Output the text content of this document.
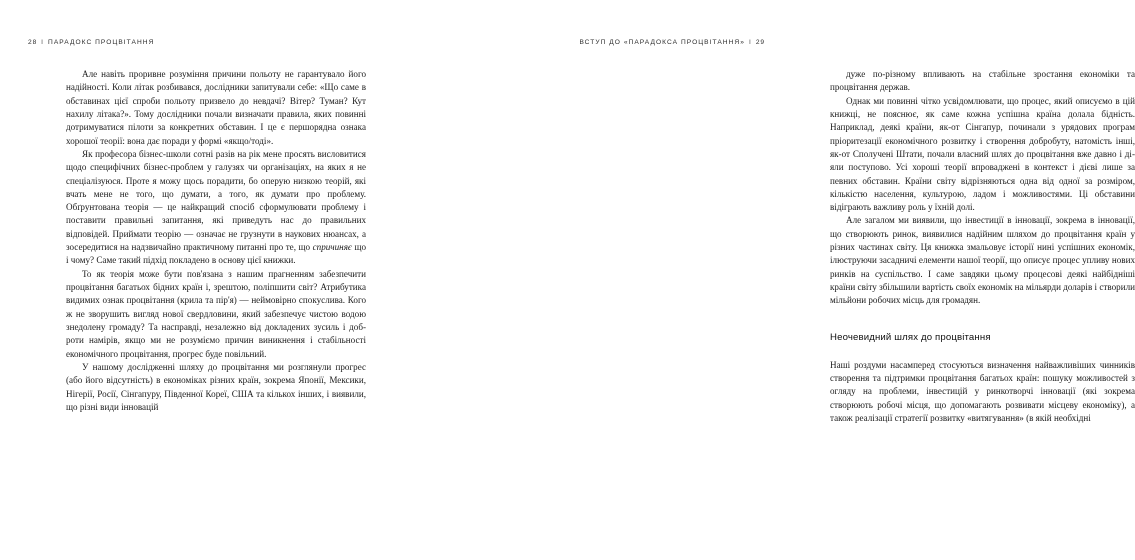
28 I ПАРАДОКС ПРОЦВІТАННЯ

Але навіть проривне розуміння причини польоту не гарантувало його надійності. Коли літак розбивався, дослідники запитували себе: «Що саме в обставинах цієї спроби польоту призвело до невдачі? Вітер? Туман? Кут нахилу літака?». Тому дослідники почали визначати правила, яких повинні дотримуватися пілоти за конкретних обставин. І це є першорядна ознака хорошої теорії: вона дає поради у формі «якщо/тоді».

Як професора бізнес-школи сотні разів на рік мене просять висловитися щодо специфічних бізнес-проблем у галузях чи організаціях, на яких я не спеціалізуюся. Проте я можу щось порадити, бо оперую низкою теорій, які вчать мене не того, що думати, а того, як думати про проблему. Обґрунтована теорія — це найкращий спосіб сформулювати проблему і поставити правильні запитання, які приведуть нас до правильних відповідей. Приймати теорію — означає не грузнути в наукових нюансах, а зосередитися на надзвичайно практичному питанні про те, що спричиняє що і чому? Саме такий підхід покладено в основу цієї книжки.

То як теорія може бути пов'язана з нашим прагненням забезпечити процвітання багатьох бідних країн і, зрештою, поліпшити світ? Атрибутика видимих ознак процвітання (крила та пір'я) — неймовірно спокуслива. Кого ж не зворушить вигляд нової свердловини, який забезпечує чистою водою знедолену громаду? Та насправді, незалежно від докладених зусиль і доброти намірів, якщо ми не розуміємо причин виникнення і стабільності економічного процвітання, прогрес буде повільний.

У нашому дослідженні шляху до процвітання ми розглянули прогрес (або його відсутність) в економіках різних країн, зокрема Японії, Мексики, Нігерії, Росії, Сінгапуру, Південної Кореї, США та кількох інших, і виявили, що різні види інновацій

ВСТУП ДО «ПАРАДОКСА ПРОЦВІТАННЯ» I 29

дуже по-різному впливають на стабільне зростання економіки та процвітання держав.

Однак ми повинні чітко усвідомлювати, що процес, який описуємо в цій книжці, не пояснює, як саме кожна успішна країна долала бідність. Наприклад, деякі країни, як-от Сінгапур, починали з урядових програм пріоритезації економічного розвитку і створення добробуту, натомість інші, як-от Сполучені Штати, почали власний шлях до процвітання вже давно і діяли поступово. Усі хороші теорії впроваджені в контекст і дієві лише за певних обставин. Країни світу відрізняються одна від одної за розміром, кількістю населення, культурою, ладом і можливостями. Ці обставини відіграють важливу роль у їхній долі.

Але загалом ми виявили, що інвестиції в інновації, зокрема в інновації, що створюють ринок, виявилися надійним шляхом до процвітання країн у різних частинах світу. Ця книжка змальовує історії нині успішних економік, ілюструючи засадничі елементи нашої теорії, що описує процес упливу нових ринків на суспільство. І саме завдяки цьому процесові деякі найбідніші країни світу збільшили вартість своїх економік на мільярди доларів і створили мільйони робочих місць для громадян.

Неочевидний шлях до процвітання

Наші роздуми насамперед стосуються визначення найважливіших чинників створення та підтримки процвітання багатьох країн: пошуку можливостей з огляду на проблеми, інвестицій у ринкотворчі інновації (які зокрема створюють робочі місця, що допомагають розвивати місцеву економіку), а також реалізації стратегії розвитку «витягування» (в якій необхідні
